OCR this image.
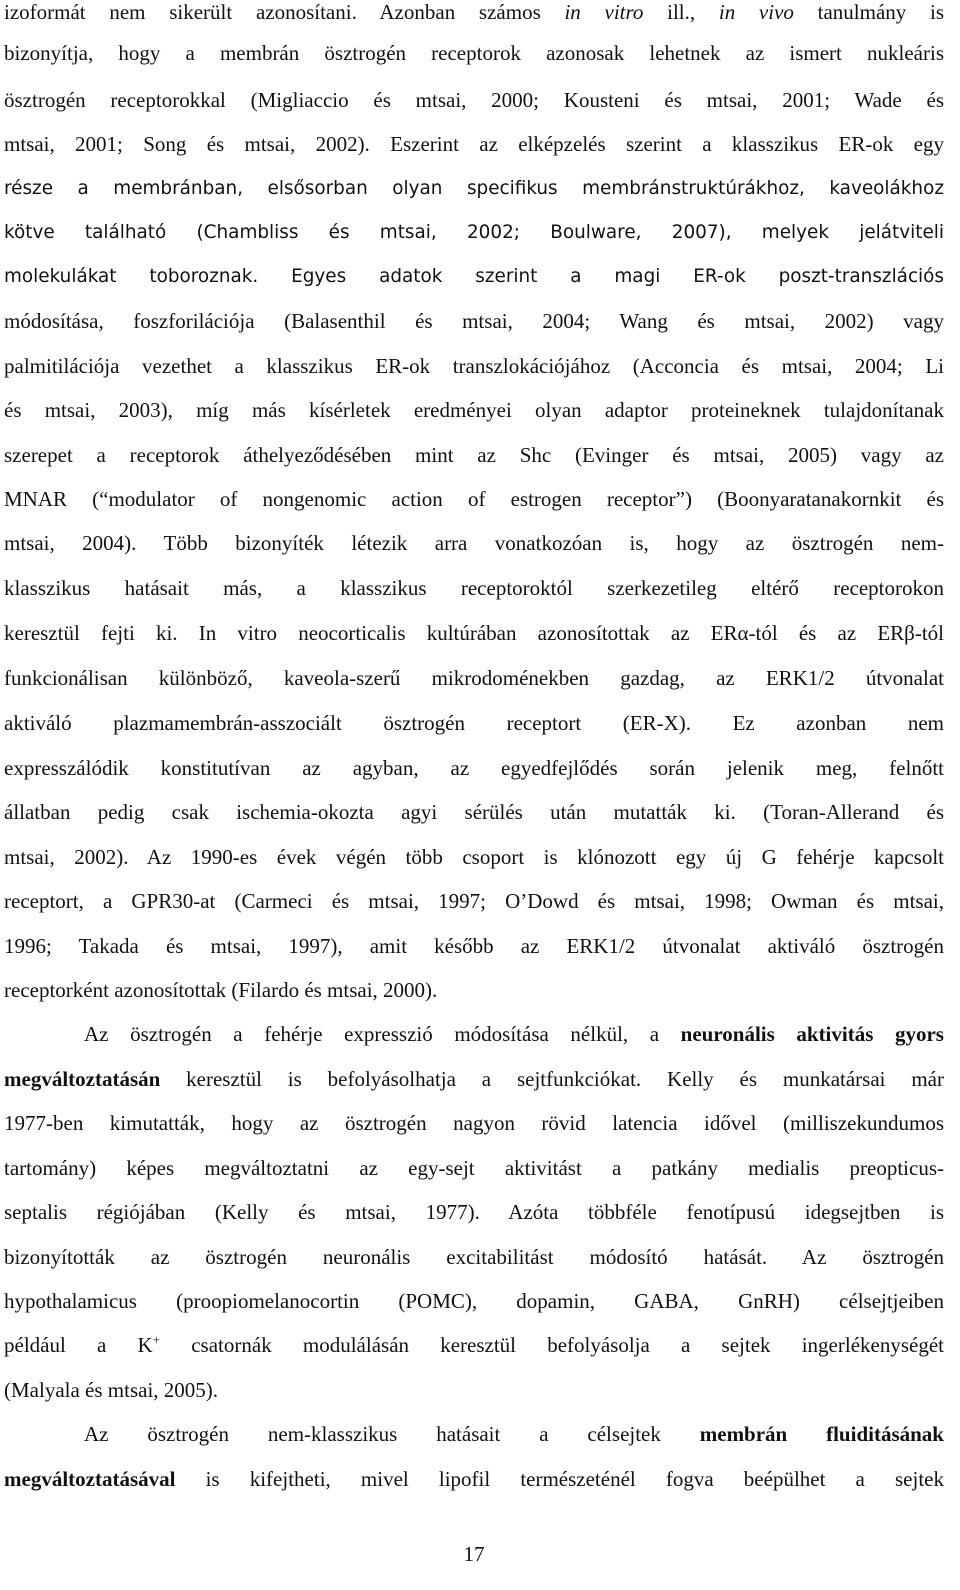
izoformát nem sikerült azonosítani. Azonban számos in vitro ill., in vivo tanulmány is
bizonyítja, hogy a membrán ösztrogén receptorok azonosak lehetnek az ismert nukleáris
ösztrogén receptorokkal (Migliaccio és mtsai, 2000; Kousteni és mtsai, 2001; Wade és
mtsai, 2001; Song és mtsai, 2002). Eszerint az elképzelés szerint a klasszikus ER-ok egy
része a membránban, elsősorban olyan specifikus membránstruktúrákhoz, kaveolákhoz
kötve található (Chambliss és mtsai, 2002; Boulware, 2007), melyek jelátviteli
molekulákat toboroznak. Egyes adatok szerint a magi ER-ok poszt-transzlációs
módosítása, foszforilációja (Balasenthil és mtsai, 2004; Wang és mtsai, 2002) vagy
palmitilációja vezethet a klasszikus ER-ok transzlokációjához (Acconcia és mtsai, 2004; Li
és mtsai, 2003), míg más kísérletek eredményei olyan adaptor proteineknek tulajdonítanak
szerepet a receptorok áthelyeződésében mint az Shc (Evinger és mtsai, 2005) vagy az
MNAR (“modulator of nongenomic action of estrogen receptor”) (Boonyaratanakornkit és
mtsai, 2004). Több bizonyíték létezik arra vonatkozóan is, hogy az ösztrogén nem-
klasszikus hatásait más, a klasszikus receptoroktól szerkezetileg eltérő receptorokon
keresztül fejti ki. In vitro neocorticalis kultúrában azonosítottak az ERα-tól és az ERβ-tól
funkcionálisan különböző, kaveola-szerű mikrodoménekben gazdag, az ERK1/2 útvonalat
aktiváló plazmamembrán-asszociált ösztrogén receptort (ER-X). Ez azonban nem
expresszálódik konstitutívan az agyban, az egyedfejlődés során jelenik meg, felnőtt
állatban pedig csak ischemia-okozta agyi sérülés után mutatták ki. (Toran-Allerand és
mtsai, 2002). Az 1990-es évek végén több csoport is klónozott egy új G fehérje kapcsolt
receptort, a GPR30-at (Carmeci és mtsai, 1997; O’Dowd és mtsai, 1998; Owman és mtsai,
1996; Takada és mtsai, 1997), amit később az ERK1/2 útvonalat aktiváló ösztrogén
receptorként azonosítottak (Filardo és mtsai, 2000).
Az ösztrogén a fehérje expresszió módosítása nélkül, a neuronális aktivitás gyors
megváltoztatásán keresztül is befolyásolhatja a sejtfunkciókat. Kelly és munkatársai már
1977-ben kimutatták, hogy az ösztrogén nagyon rövid latencia idővel (milliszekundumos
tartomány) képes megváltoztatni az egy-sejt aktivitást a patkány medialis preopticus-
septalis régiójában (Kelly és mtsai, 1977). Azóta többféle fenotípusú idegsejtben is
bizonyították az ösztrogén neuronális excitabilitást módosító hatását. Az ösztrogén
hypothalamicus (proopiomelanocortin (POMC), dopamin, GABA, GnRH) célsejtjeiben
például a K+ csatornák modulálásán keresztül befolyásolja a sejtek ingerlékenységét
(Malyala és mtsai, 2005).
Az ösztrogén nem-klasszikus hatásait a célsejtek membrán fluiditásának
megváltoztatásával is kifejtheti, mivel lipofil természeténél fogva beépülhet a sejtek
17
